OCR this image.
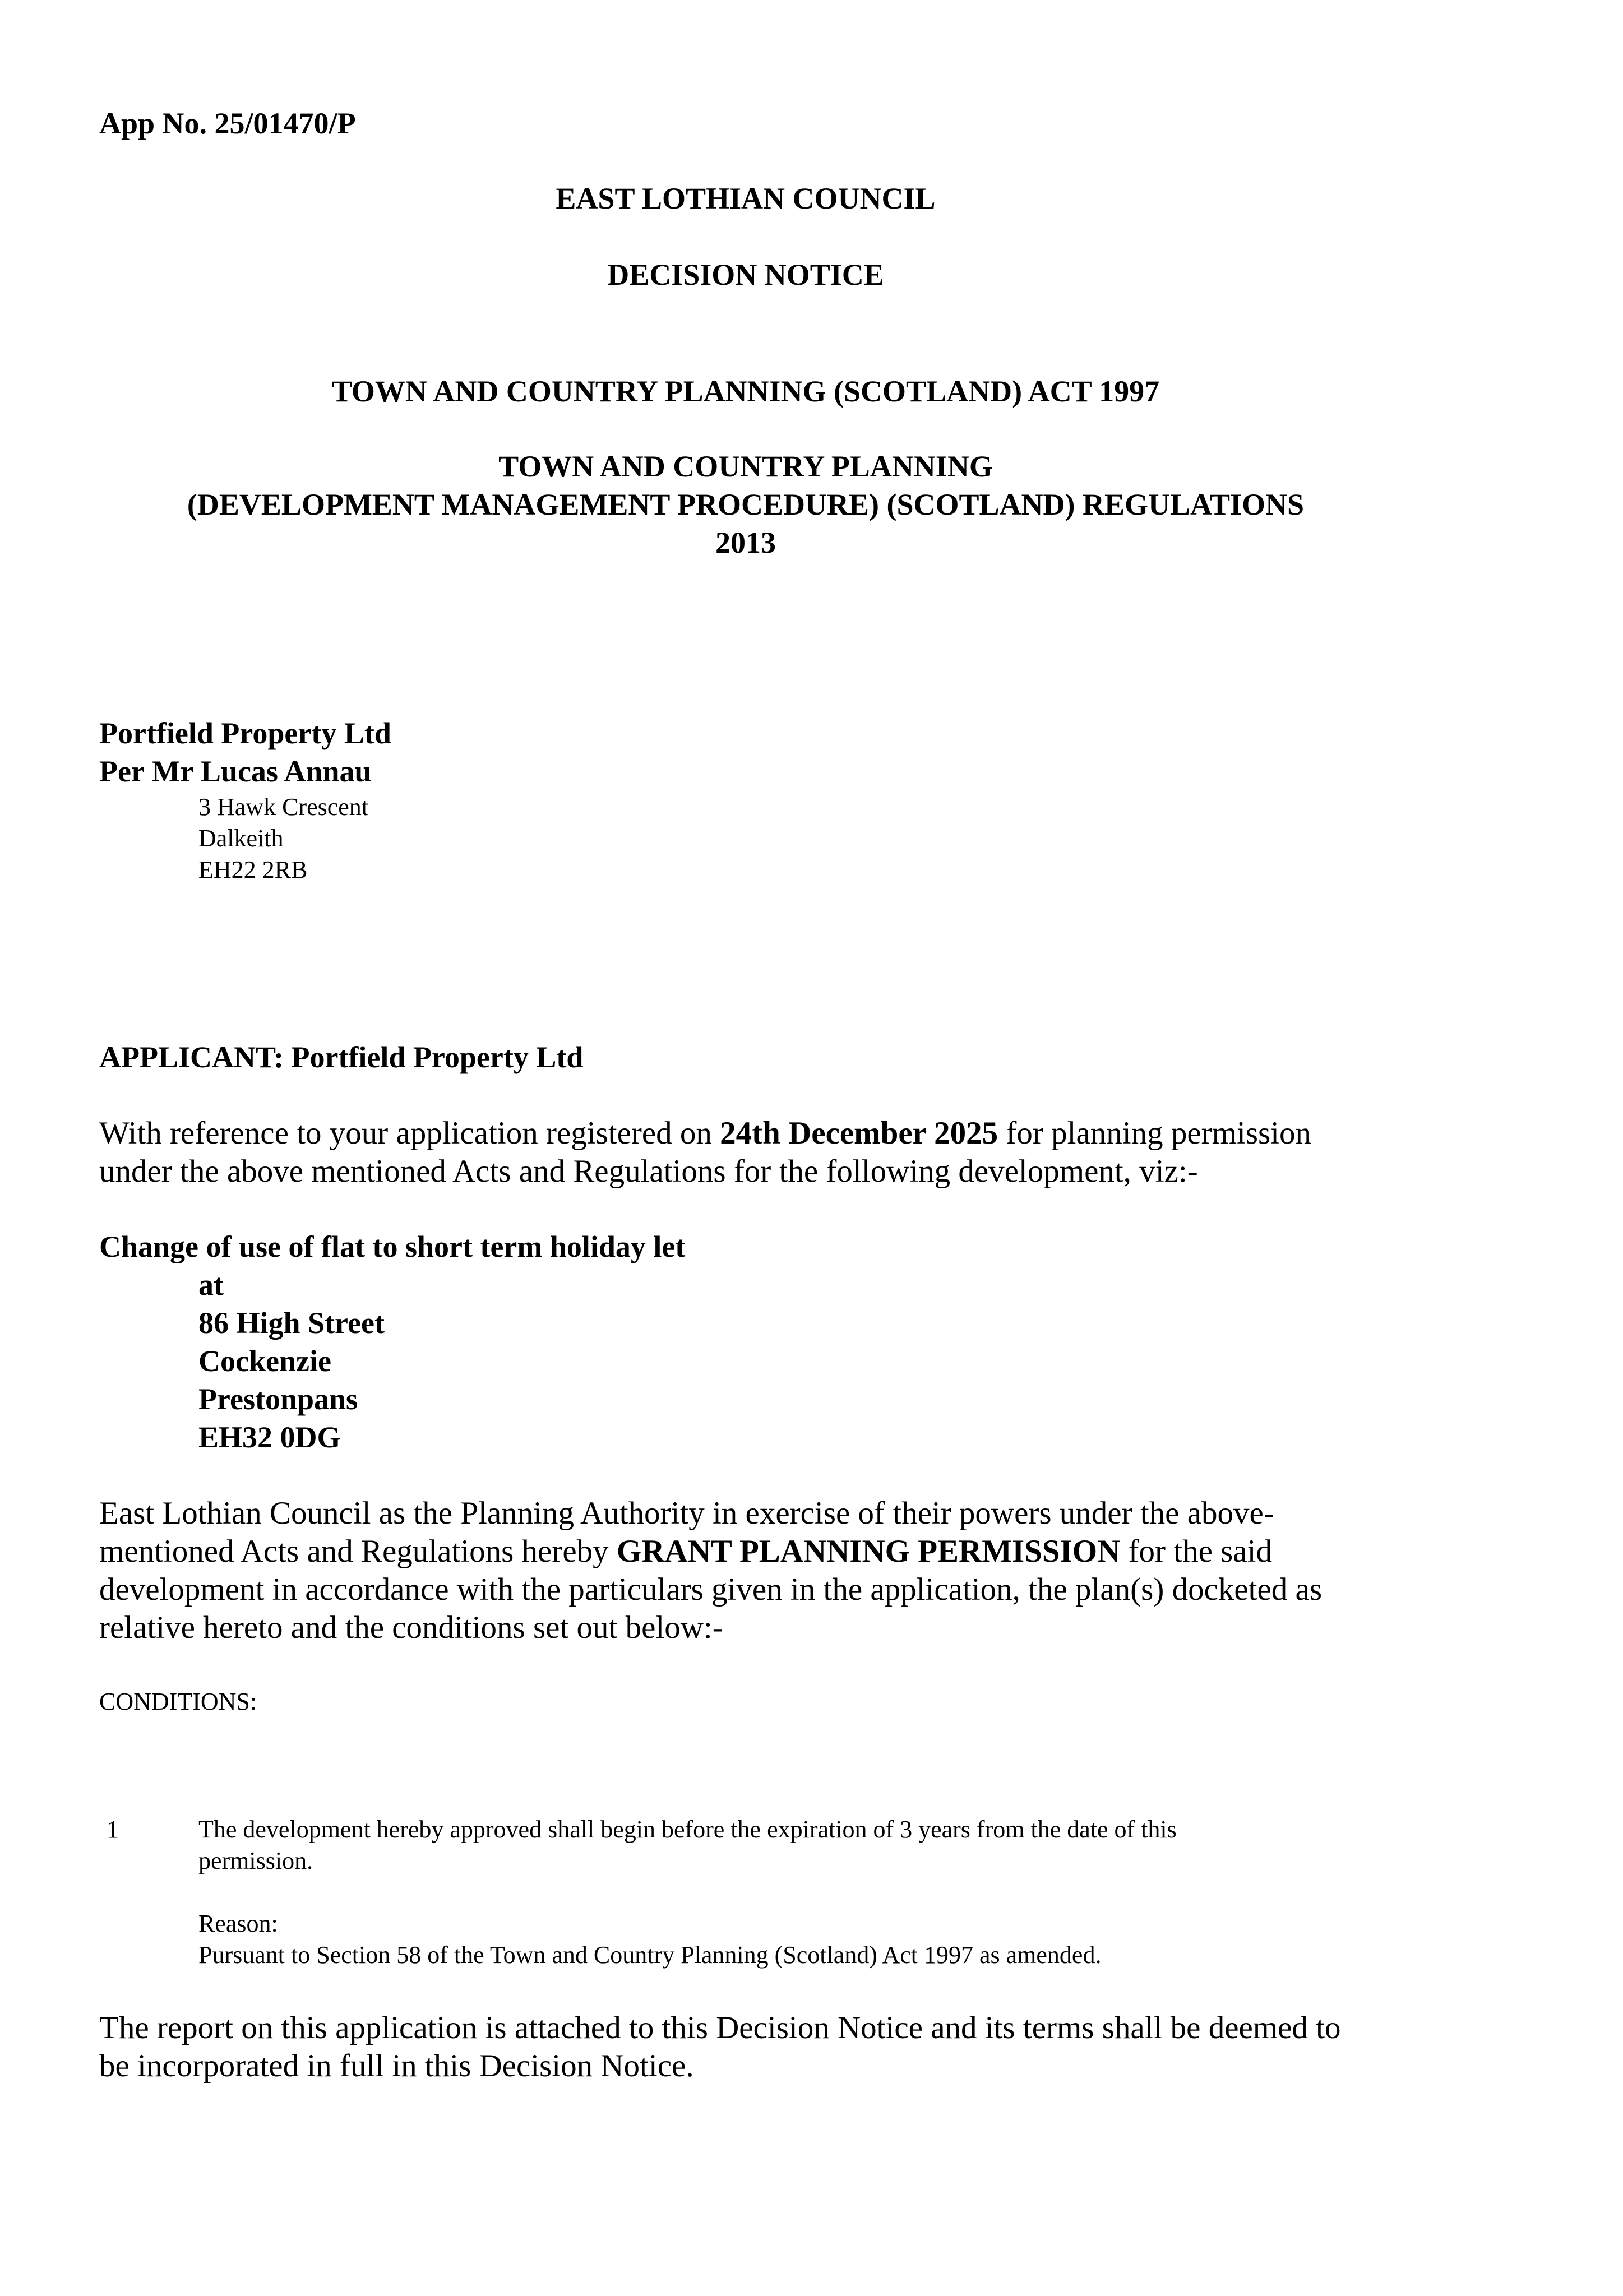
App No. 25/01470/P

EAST LOTHIAN COUNCIL

DECISION NOTICE

TOWN AND COUNTRY PLANNING (SCOTLAND) ACT 1997

TOWN AND COUNTRY PLANNING

(DEVELOPMENT MANAGEMENT PROCEDURE) (SCOTLAND) REGULATIONS

2013

Portfield Property Ltd

Per Mr Lucas Annau

3 Hawk Crescent

Dalkeith

EH22 2RB

APPLICANT: Portfield Property Ltd

With reference to your application registered on 24th December 2025 for planning permission

under the above mentioned Acts and Regulations for the following development, viz:-

Change of use of flat to short term holiday let

at

86 High Street

Cockenzie

Prestonpans

EH32 0DG

East Lothian Council as the Planning Authority in exercise of their powers under the above-

mentioned Acts and Regulations hereby GRANT PLANNING PERMISSION for the said

development in accordance with the particulars given in the application, the plan(s) docketed as

relative hereto and the conditions set out below:-

CONDITIONS:

1	The development hereby approved shall begin before the expiration of 3 years from the date of this

permission.

Reason:

Pursuant to Section 58 of the Town and Country Planning (Scotland) Act 1997 as amended.

The report on this application is attached to this Decision Notice and its terms shall be deemed to

be incorporated in full in this Decision Notice.
